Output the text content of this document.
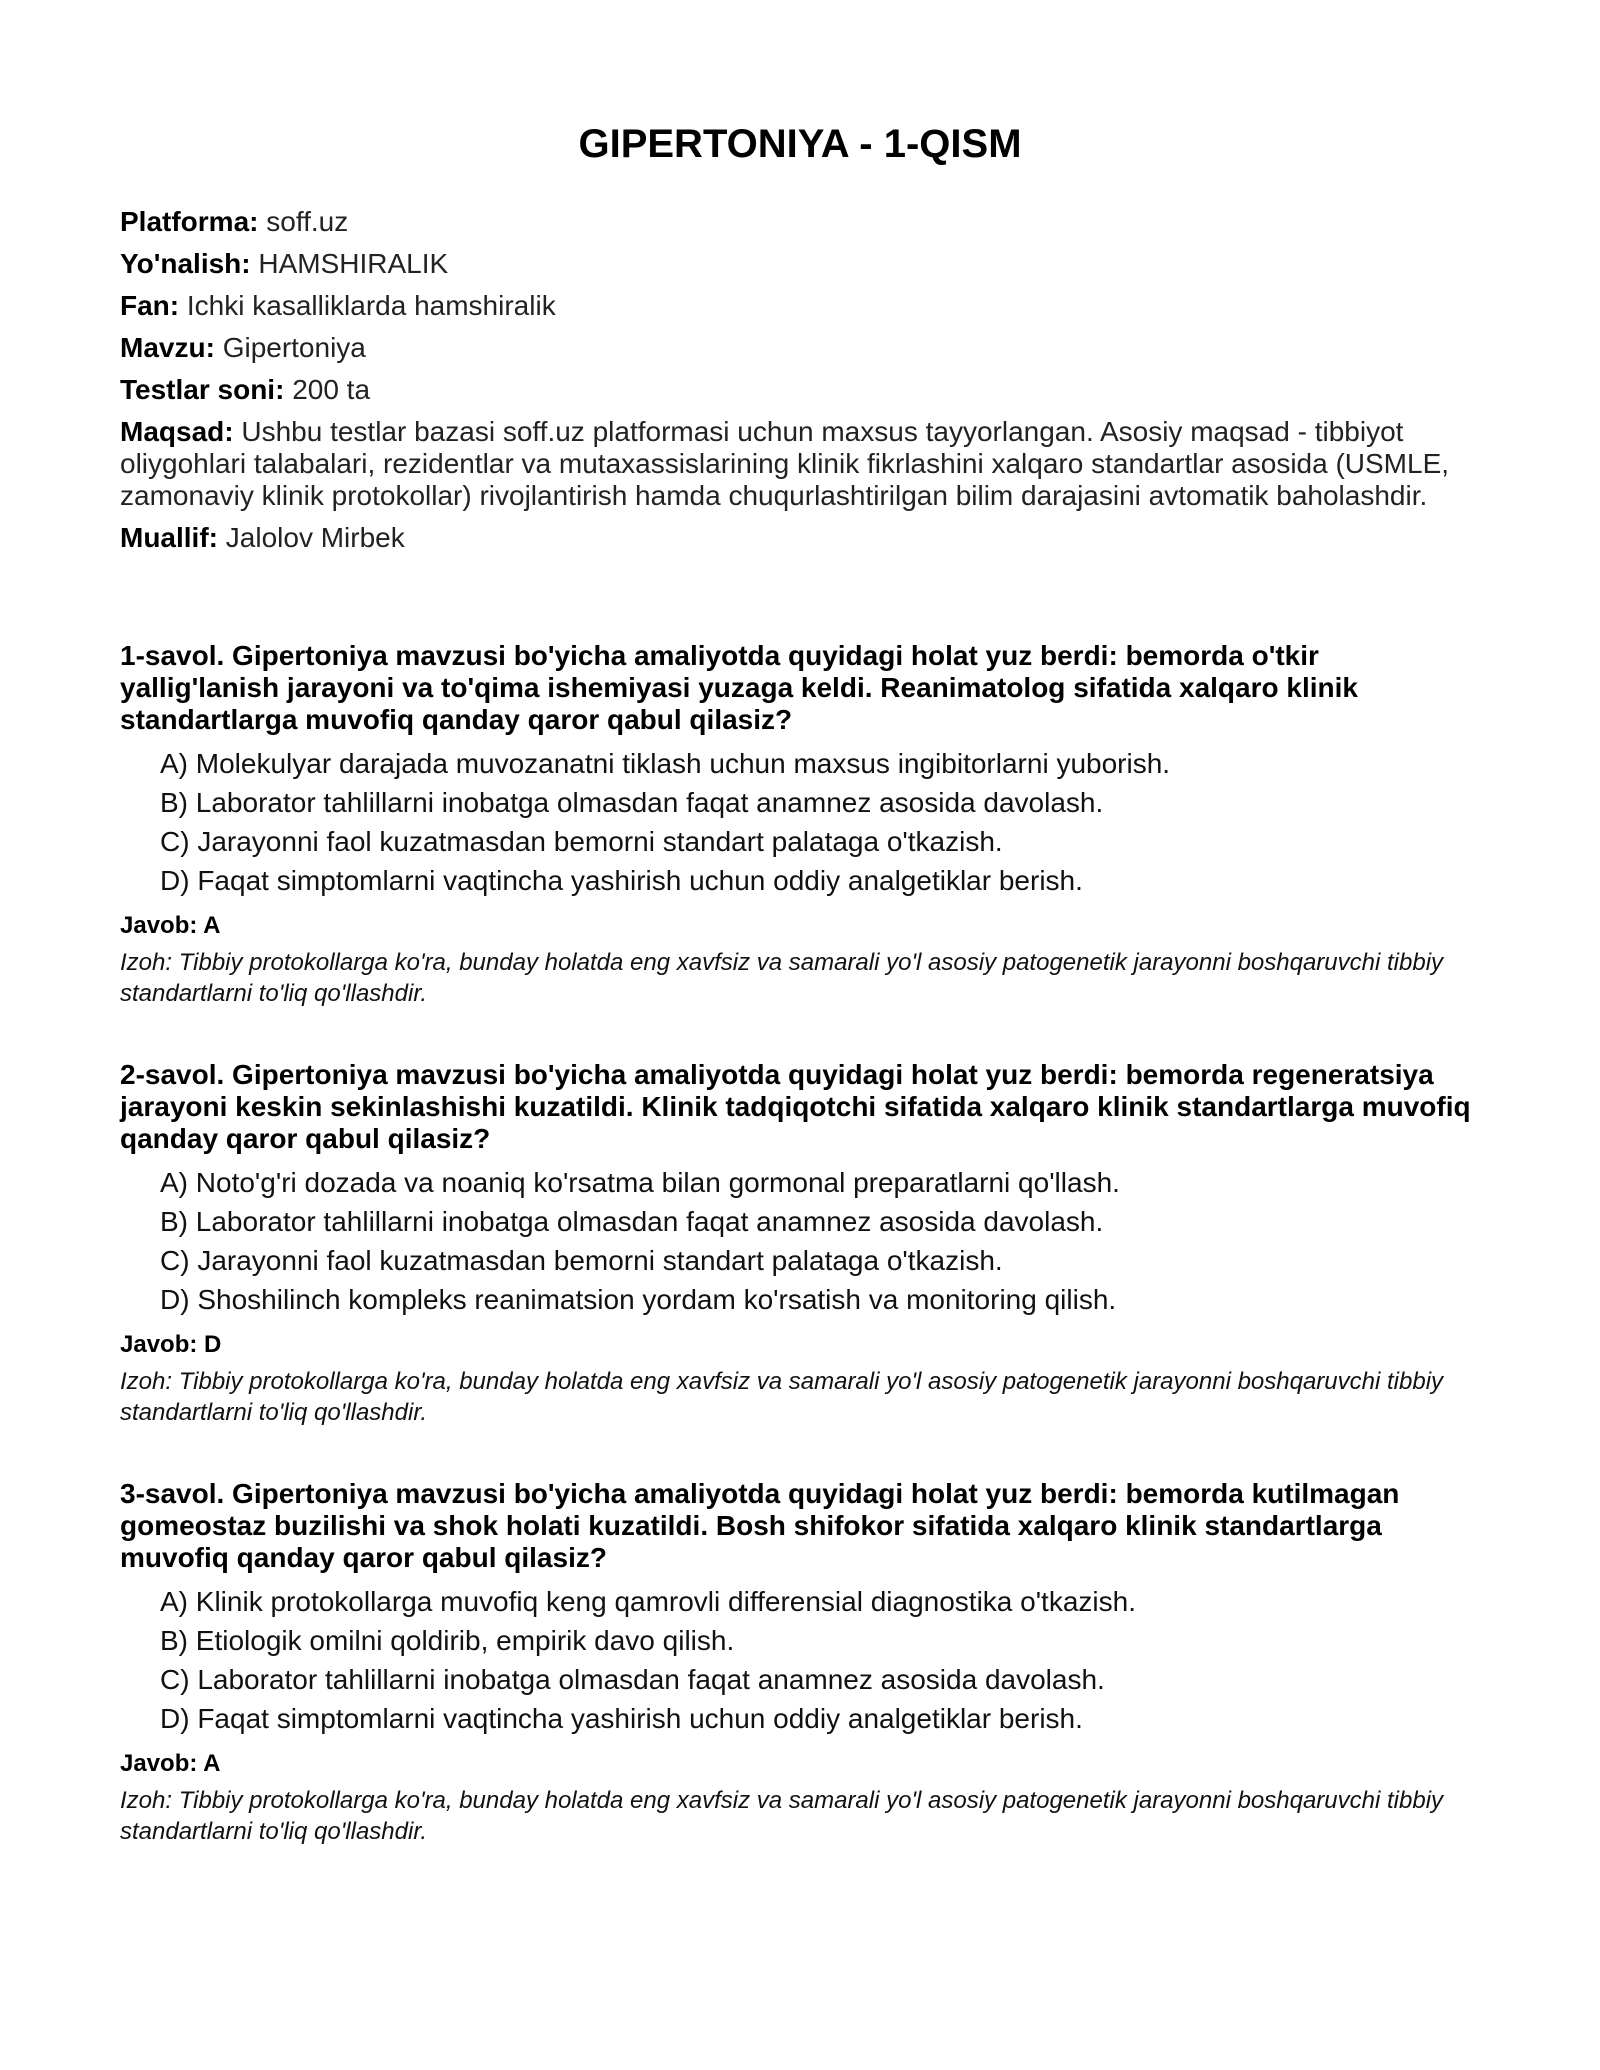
GIPERTONIYA - 1-QISM

Platforma: soff.uz

Yo'nalish: HAMSHIRALIK

Fan: Ichki kasalliklarda hamshiralik

Mavzu: Gipertoniya

Testlar soni: 200 ta

Maqsad: Ushbu testlar bazasi soff.uz platformasi uchun maxsus tayyorlangan. Asosiy maqsad - tibbiyot oliygohlari talabalari, rezidentlar va mutaxassislarining klinik fikrlashini xalqaro standartlar asosida (USMLE, zamonaviy klinik protokollar) rivojlantirish hamda chuqurlashtirilgan bilim darajasini avtomatik baholashdir.

Muallif: Jalolov Mirbek

1-savol. Gipertoniya mavzusi bo'yicha amaliyotda quyidagi holat yuz berdi: bemorda o'tkir yallig'lanish jarayoni va to'qima ishemiyasi yuzaga keldi. Reanimatolog sifatida xalqaro klinik standartlarga muvofiq qanday qaror qabul qilasiz?

A) Molekulyar darajada muvozanatni tiklash uchun maxsus ingibitorlarni yuborish.
B) Laborator tahlillarni inobatga olmasdan faqat anamnez asosida davolash.
C) Jarayonni faol kuzatmasdan bemorni standart palataga o'tkazish.
D) Faqat simptomlarni vaqtincha yashirish uchun oddiy analgetiklar berish.

Javob: A

Izoh: Tibbiy protokollarga ko'ra, bunday holatda eng xavfsiz va samarali yo'l asosiy patogenetik jarayonni boshqaruvchi tibbiy standartlarni to'liq qo'llashdir.

2-savol. Gipertoniya mavzusi bo'yicha amaliyotda quyidagi holat yuz berdi: bemorda regeneratsiya jarayoni keskin sekinlashishi kuzatildi. Klinik tadqiqotchi sifatida xalqaro klinik standartlarga muvofiq qanday qaror qabul qilasiz?

A) Noto'g'ri dozada va noaniq ko'rsatma bilan gormonal preparatlarni qo'llash.
B) Laborator tahlillarni inobatga olmasdan faqat anamnez asosida davolash.
C) Jarayonni faol kuzatmasdan bemorni standart palataga o'tkazish.
D) Shoshilinch kompleks reanimatsion yordam ko'rsatish va monitoring qilish.

Javob: D

Izoh: Tibbiy protokollarga ko'ra, bunday holatda eng xavfsiz va samarali yo'l asosiy patogenetik jarayonni boshqaruvchi tibbiy standartlarni to'liq qo'llashdir.

3-savol. Gipertoniya mavzusi bo'yicha amaliyotda quyidagi holat yuz berdi: bemorda kutilmagan gomeostaz buzilishi va shok holati kuzatildi. Bosh shifokor sifatida xalqaro klinik standartlarga muvofiq qanday qaror qabul qilasiz?

A) Klinik protokollarga muvofiq keng qamrovli differensial diagnostika o'tkazish.
B) Etiologik omilni qoldirib, empirik davo qilish.
C) Laborator tahlillarni inobatga olmasdan faqat anamnez asosida davolash.
D) Faqat simptomlarni vaqtincha yashirish uchun oddiy analgetiklar berish.

Javob: A

Izoh: Tibbiy protokollarga ko'ra, bunday holatda eng xavfsiz va samarali yo'l asosiy patogenetik jarayonni boshqaruvchi tibbiy standartlarni to'liq qo'llashdir.
